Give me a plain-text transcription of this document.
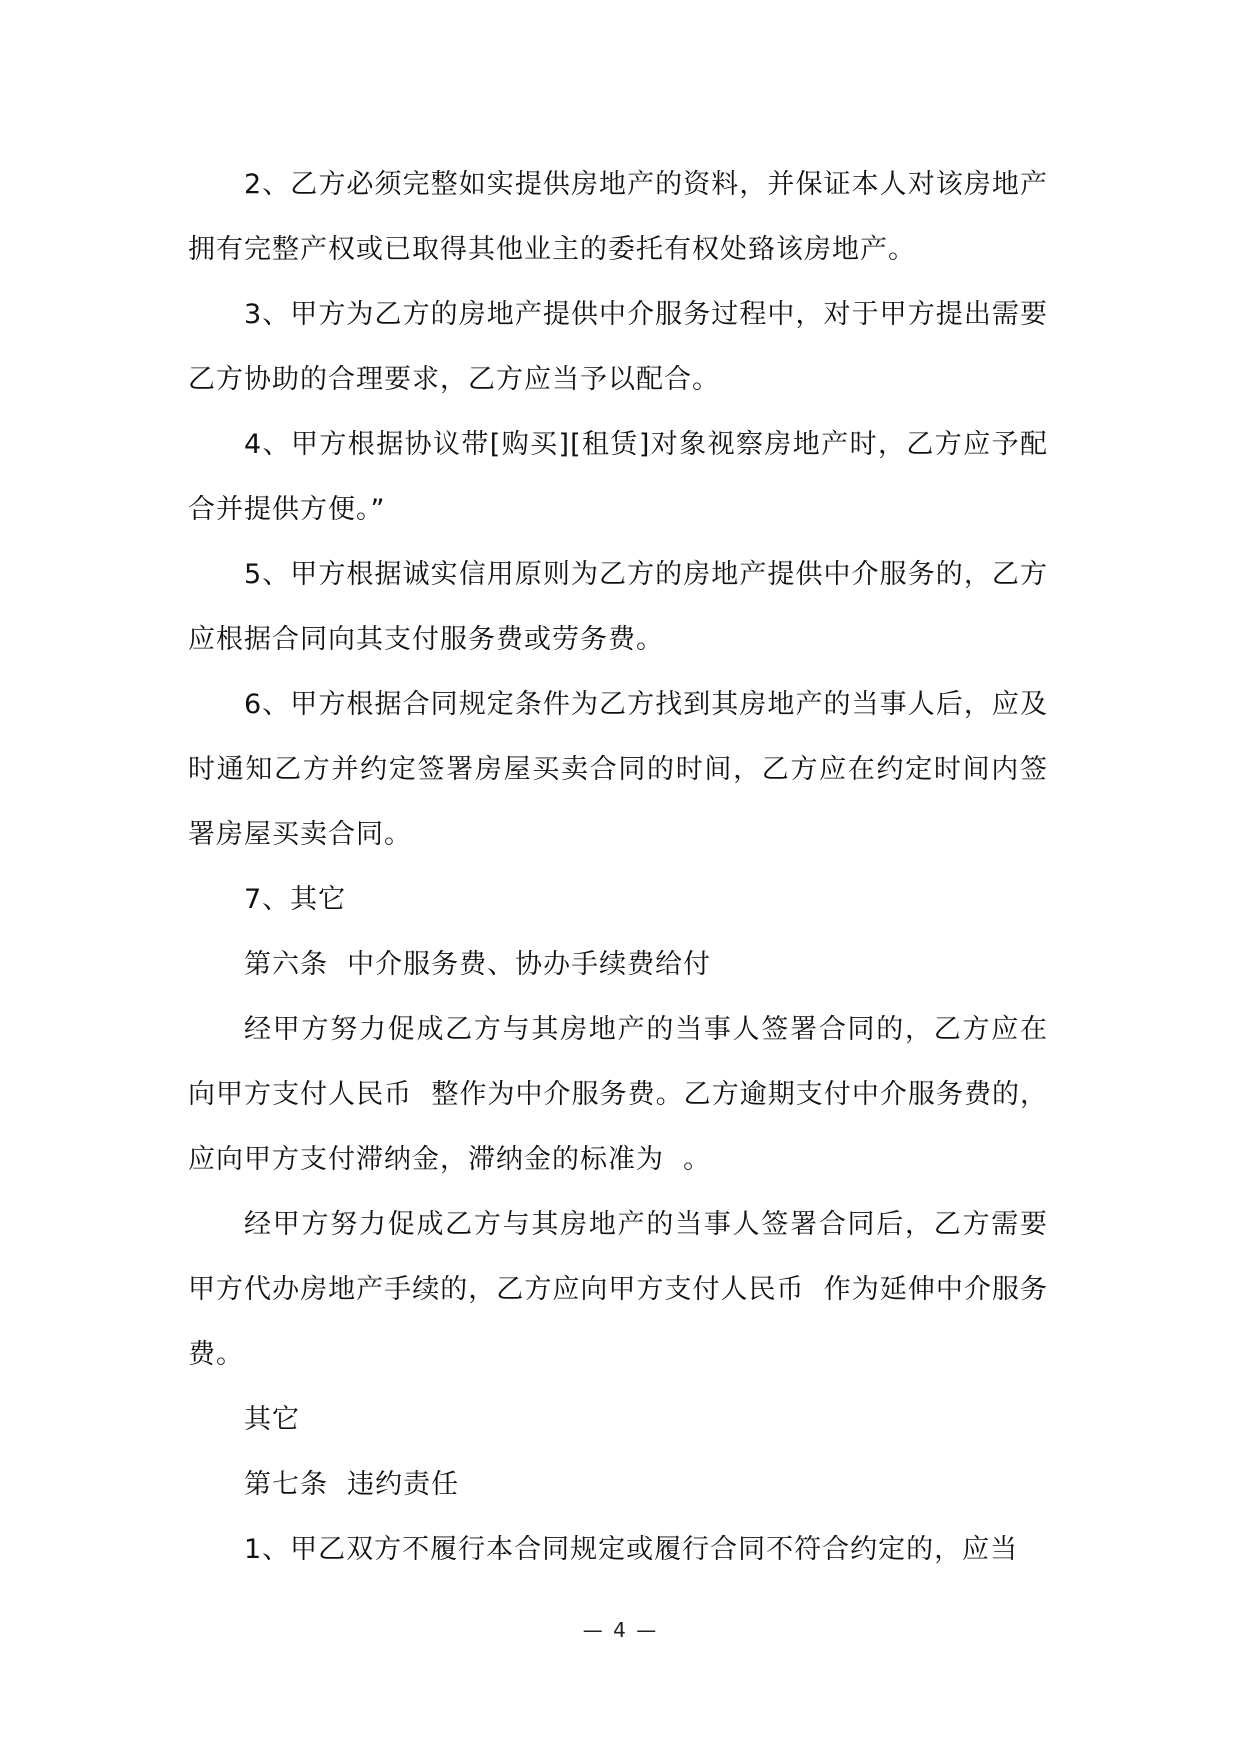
2、乙方必须完整如实提供房地产的资料，并保证本人对该房地产拥有完整产权或已取得其他业主的委托有权处臵该房地产。

3、甲方为乙方的房地产提供中介服务过程中，对于甲方提出需要乙方协助的合理要求，乙方应当予以配合。

4、甲方根据协议带[购买][租赁]对象视察房地产时，乙方应予配合并提供方便。”

5、甲方根据诚实信用原则为乙方的房地产提供中介服务的，乙方应根据合同向其支付服务费或劳务费。

6、甲方根据合同规定条件为乙方找到其房地产的当事人后，应及时通知乙方并约定签署房屋买卖合同的时间，乙方应在约定时间内签署房屋买卖合同。

7、其它

第六条  中介服务费、协办手续费给付

经甲方努力促成乙方与其房地产的当事人签署合同的，乙方应在向甲方支付人民币  整作为中介服务费。乙方逾期支付中介服务费的，应向甲方支付滞纳金，滞纳金的标准为  。

经甲方努力促成乙方与其房地产的当事人签署合同后，乙方需要甲方代办房地产手续的，乙方应向甲方支付人民币  作为延伸中介服务费。

其它

第七条  违约责任

1、甲乙双方不履行本合同规定或履行合同不符合约定的，应当

— 4 —
